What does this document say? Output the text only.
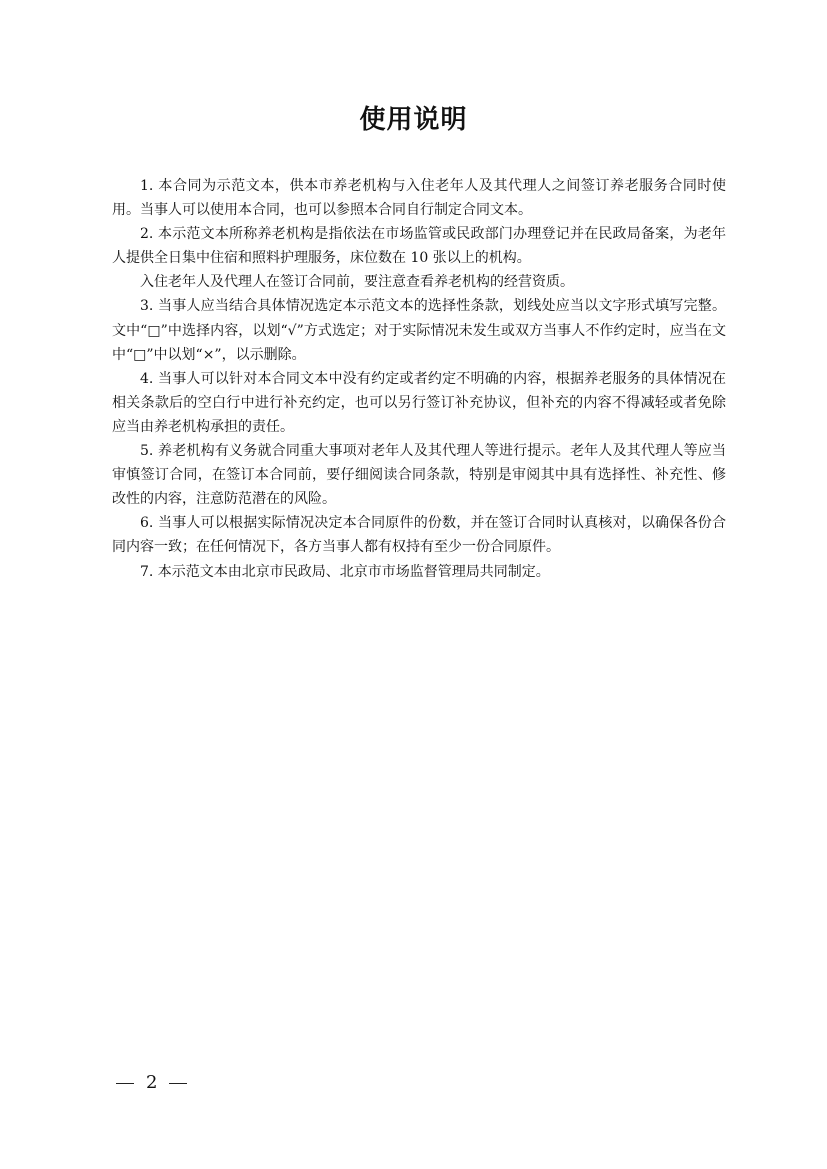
使用说明

1. 本合同为示范文本，供本市养老机构与入住老年人及其代理人之间签订养老服务合同时使用。当事人可以使用本合同，也可以参照本合同自行制定合同文本。

2. 本示范文本所称养老机构是指依法在市场监管或民政部门办理登记并在民政局备案，为老年人提供全日集中住宿和照料护理服务，床位数在 10 张以上的机构。

入住老年人及代理人在签订合同前，要注意查看养老机构的经营资质。

3. 当事人应当结合具体情况选定本示范文本的选择性条款，划线处应当以文字形式填写完整。文中“□”中选择内容，以划“√”方式选定；对于实际情况未发生或双方当事人不作约定时，应当在文中“□”中以划“×”，以示删除。

4. 当事人可以针对本合同文本中没有约定或者约定不明确的内容，根据养老服务的具体情况在相关条款后的空白行中进行补充约定，也可以另行签订补充协议，但补充的内容不得减轻或者免除应当由养老机构承担的责任。

5. 养老机构有义务就合同重大事项对老年人及其代理人等进行提示。老年人及其代理人等应当审慎签订合同，在签订本合同前，要仔细阅读合同条款，特别是审阅其中具有选择性、补充性、修改性的内容，注意防范潜在的风险。

6. 当事人可以根据实际情况决定本合同原件的份数，并在签订合同时认真核对，以确保各份合同内容一致；在任何情况下，各方当事人都有权持有至少一份合同原件。

7. 本示范文本由北京市民政局、北京市市场监督管理局共同制定。

2
